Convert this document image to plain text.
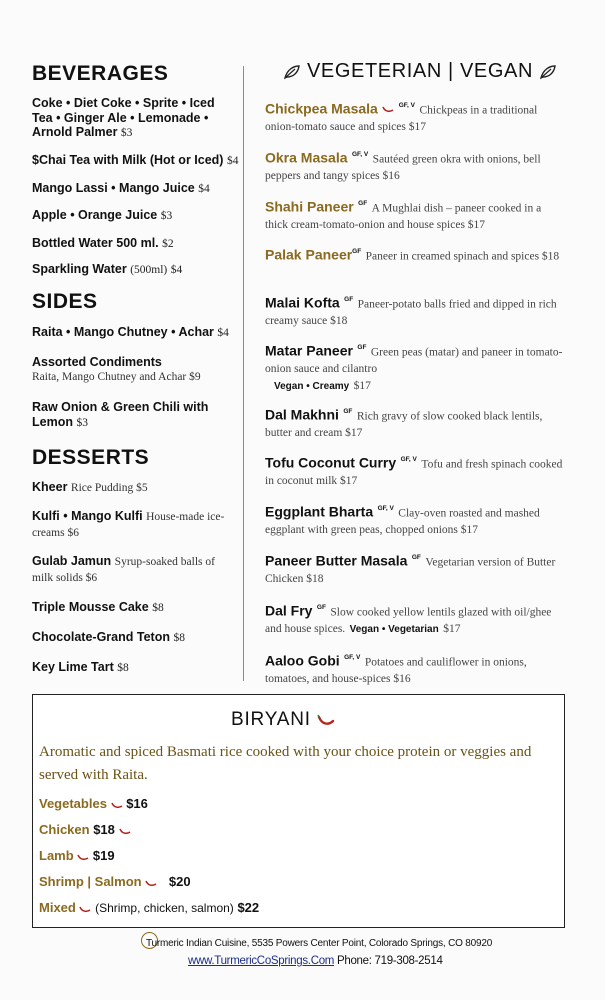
BEVERAGES
Coke • Diet Coke • Sprite • Iced Tea • Ginger Ale • Lemonade • Arnold Palmer $3
$Chai Tea with Milk (Hot or Iced) $4
Mango Lassi • Mango Juice $4
Apple • Orange Juice $3
Bottled Water 500 ml. $2
Sparkling Water (500ml) $4
SIDES
Raita • Mango Chutney • Achar $4
Assorted Condiments
Raita, Mango Chutney and Achar $9
Raw Onion & Green Chili with Lemon $3
DESSERTS
Kheer Rice Pudding $5
Kulfi • Mango Kulfi House-made ice-creams $6
Gulab Jamun Syrup-soaked balls of milk solids $6
Triple Mousse Cake $8
Chocolate-Grand Teton $8
Key Lime Tart $8
VEGETERIAN | VEGAN
Chickpea Masala	$^{GF, V}$ Chickpeas in a traditional onion-tomato sauce and spices $17
Okra Masala $^{GF, V}$ Sautéed green okra with onions, bell peppers and tangy spices $16
Shahi Paneer $^{GF}$ A Mughlai dish – paneer cooked in a thick cream-tomato-onion and house spices $17
Palak Paneer$^{GF}$ Paneer in creamed spinach and spices $18
Malai Kofta $^{GF}$ Paneer-potato balls fried and dipped in rich creamy sauce $18
Matar Paneer $^{GF}$ Green peas (matar) and paneer in tomato-onion sauce and cilantro
Vegan • Creamy $17
Dal Makhni $^{GF}$ Rich gravy of slow cooked black lentils, butter and cream $17
Tofu Coconut Curry $^{GF, V}$ Tofu and fresh spinach cooked in coconut milk $17
Eggplant Bharta $^{GF, V}$ Clay-oven roasted and mashed eggplant with green peas, chopped onions $17
Paneer Butter Masala $^{GF}$ Vegetarian version of Butter Chicken $18
Dal Fry $^{GF}$ Slow cooked yellow lentils glazed with oil/ghee and house spices. Vegan • Vegetarian $17
Aaloo Gobi $^{GF, V}$ Potatoes and cauliflower in onions, tomatoes, and house-spices $16
BIRYANI
Aromatic and spiced Basmati rice cooked with your choice protein or veggies and served with Raita.
Vegetables $16
Chicken $18
Lamb $19
Shrimp | Salmon $20
Mixed (Shrimp, chicken, salmon) $22
Turmeric Indian Cuisine, 5535 Powers Center Point, Colorado Springs, CO 80920
www.TurmericCoSprings.Com Phone: 719-308-2514
